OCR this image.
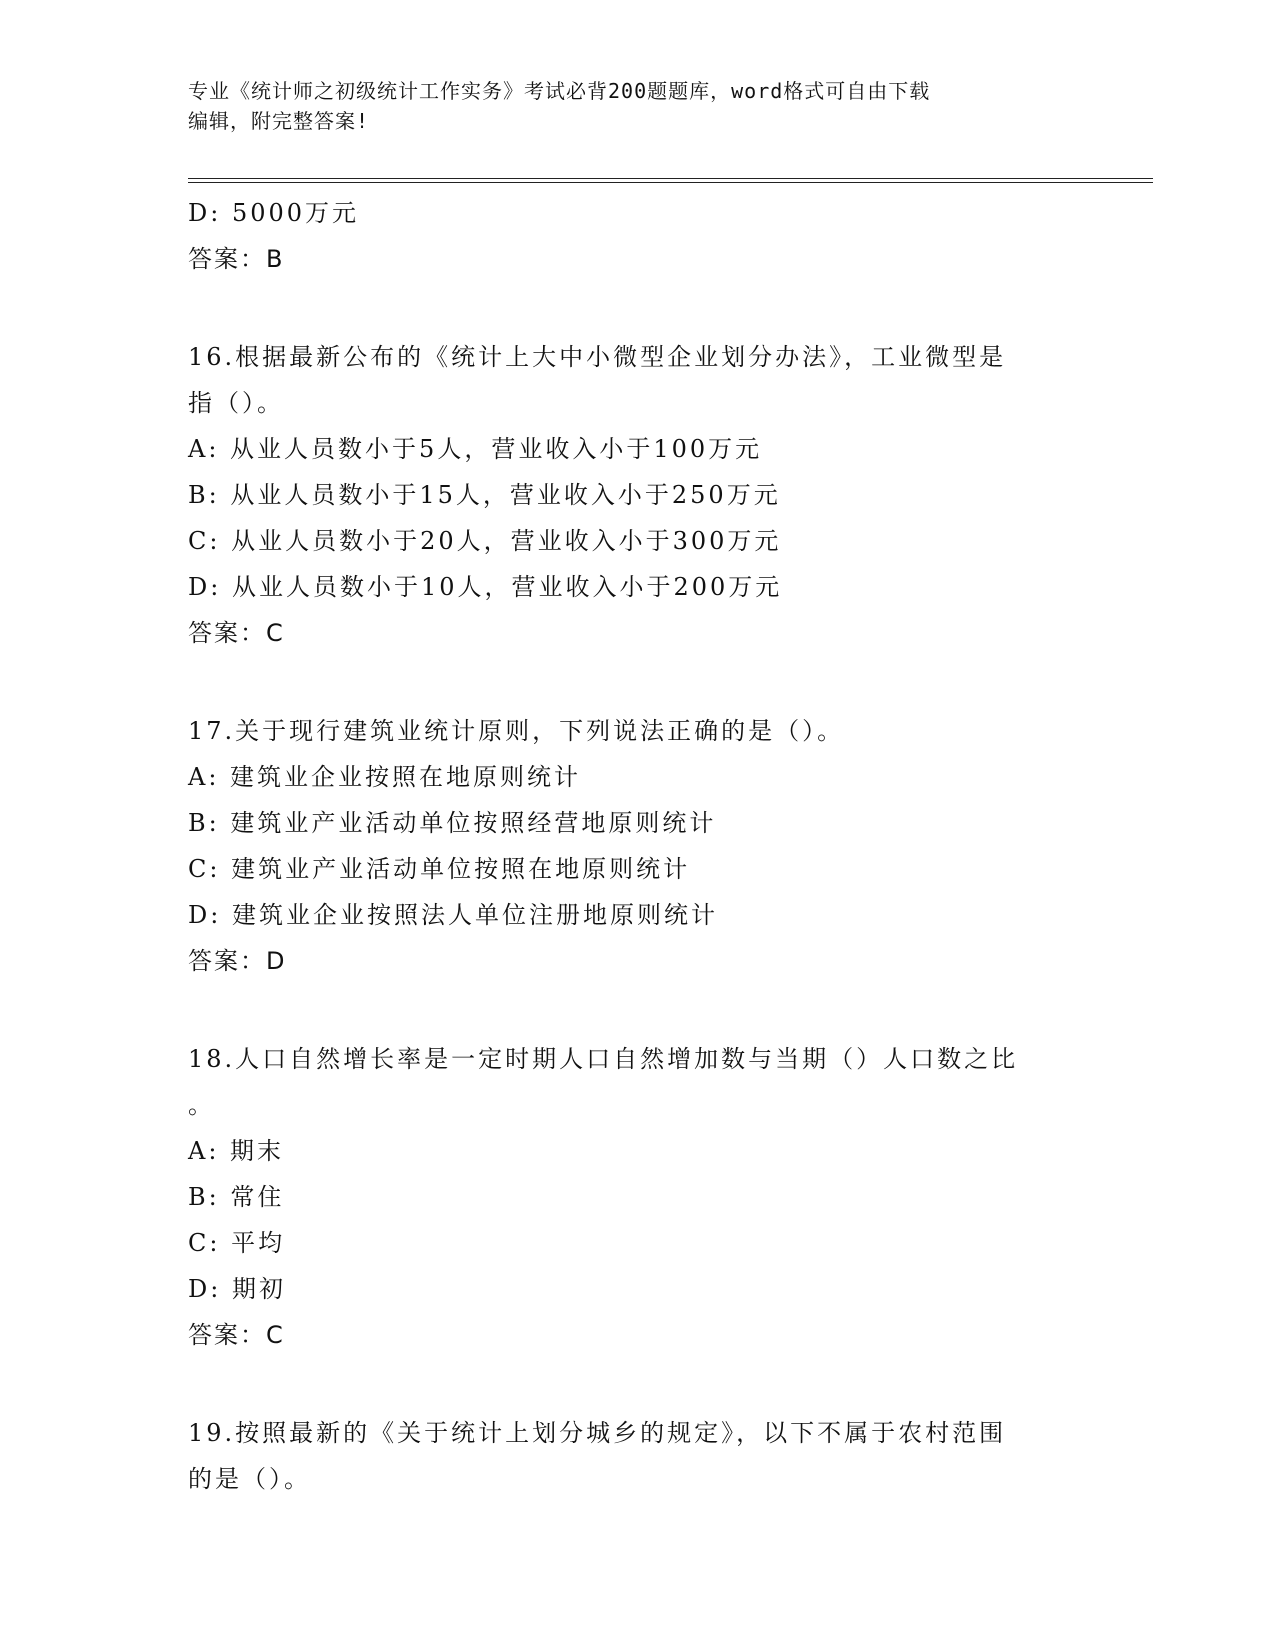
专业《统计师之初级统计工作实务》考试必背200题题库，word格式可自由下载
编辑，附完整答案!
D: 5000万元
答案：B
16.根据最新公布的《统计上大中小微型企业划分办法》，工业微型是
指（）。
A: 从业人员数小于5人，营业收入小于100万元
B: 从业人员数小于15人，营业收入小于250万元
C: 从业人员数小于20人，营业收入小于300万元
D: 从业人员数小于10人，营业收入小于200万元
答案：C
17.关于现行建筑业统计原则，下列说法正确的是（）。
A: 建筑业企业按照在地原则统计
B: 建筑业产业活动单位按照经营地原则统计
C: 建筑业产业活动单位按照在地原则统计
D: 建筑业企业按照法人单位注册地原则统计
答案：D
18.人口自然增长率是一定时期人口自然增加数与当期（）人口数之比
。
A: 期末
B: 常住
C: 平均
D: 期初
答案：C
19.按照最新的《关于统计上划分城乡的规定》，以下不属于农村范围
的是（）。
